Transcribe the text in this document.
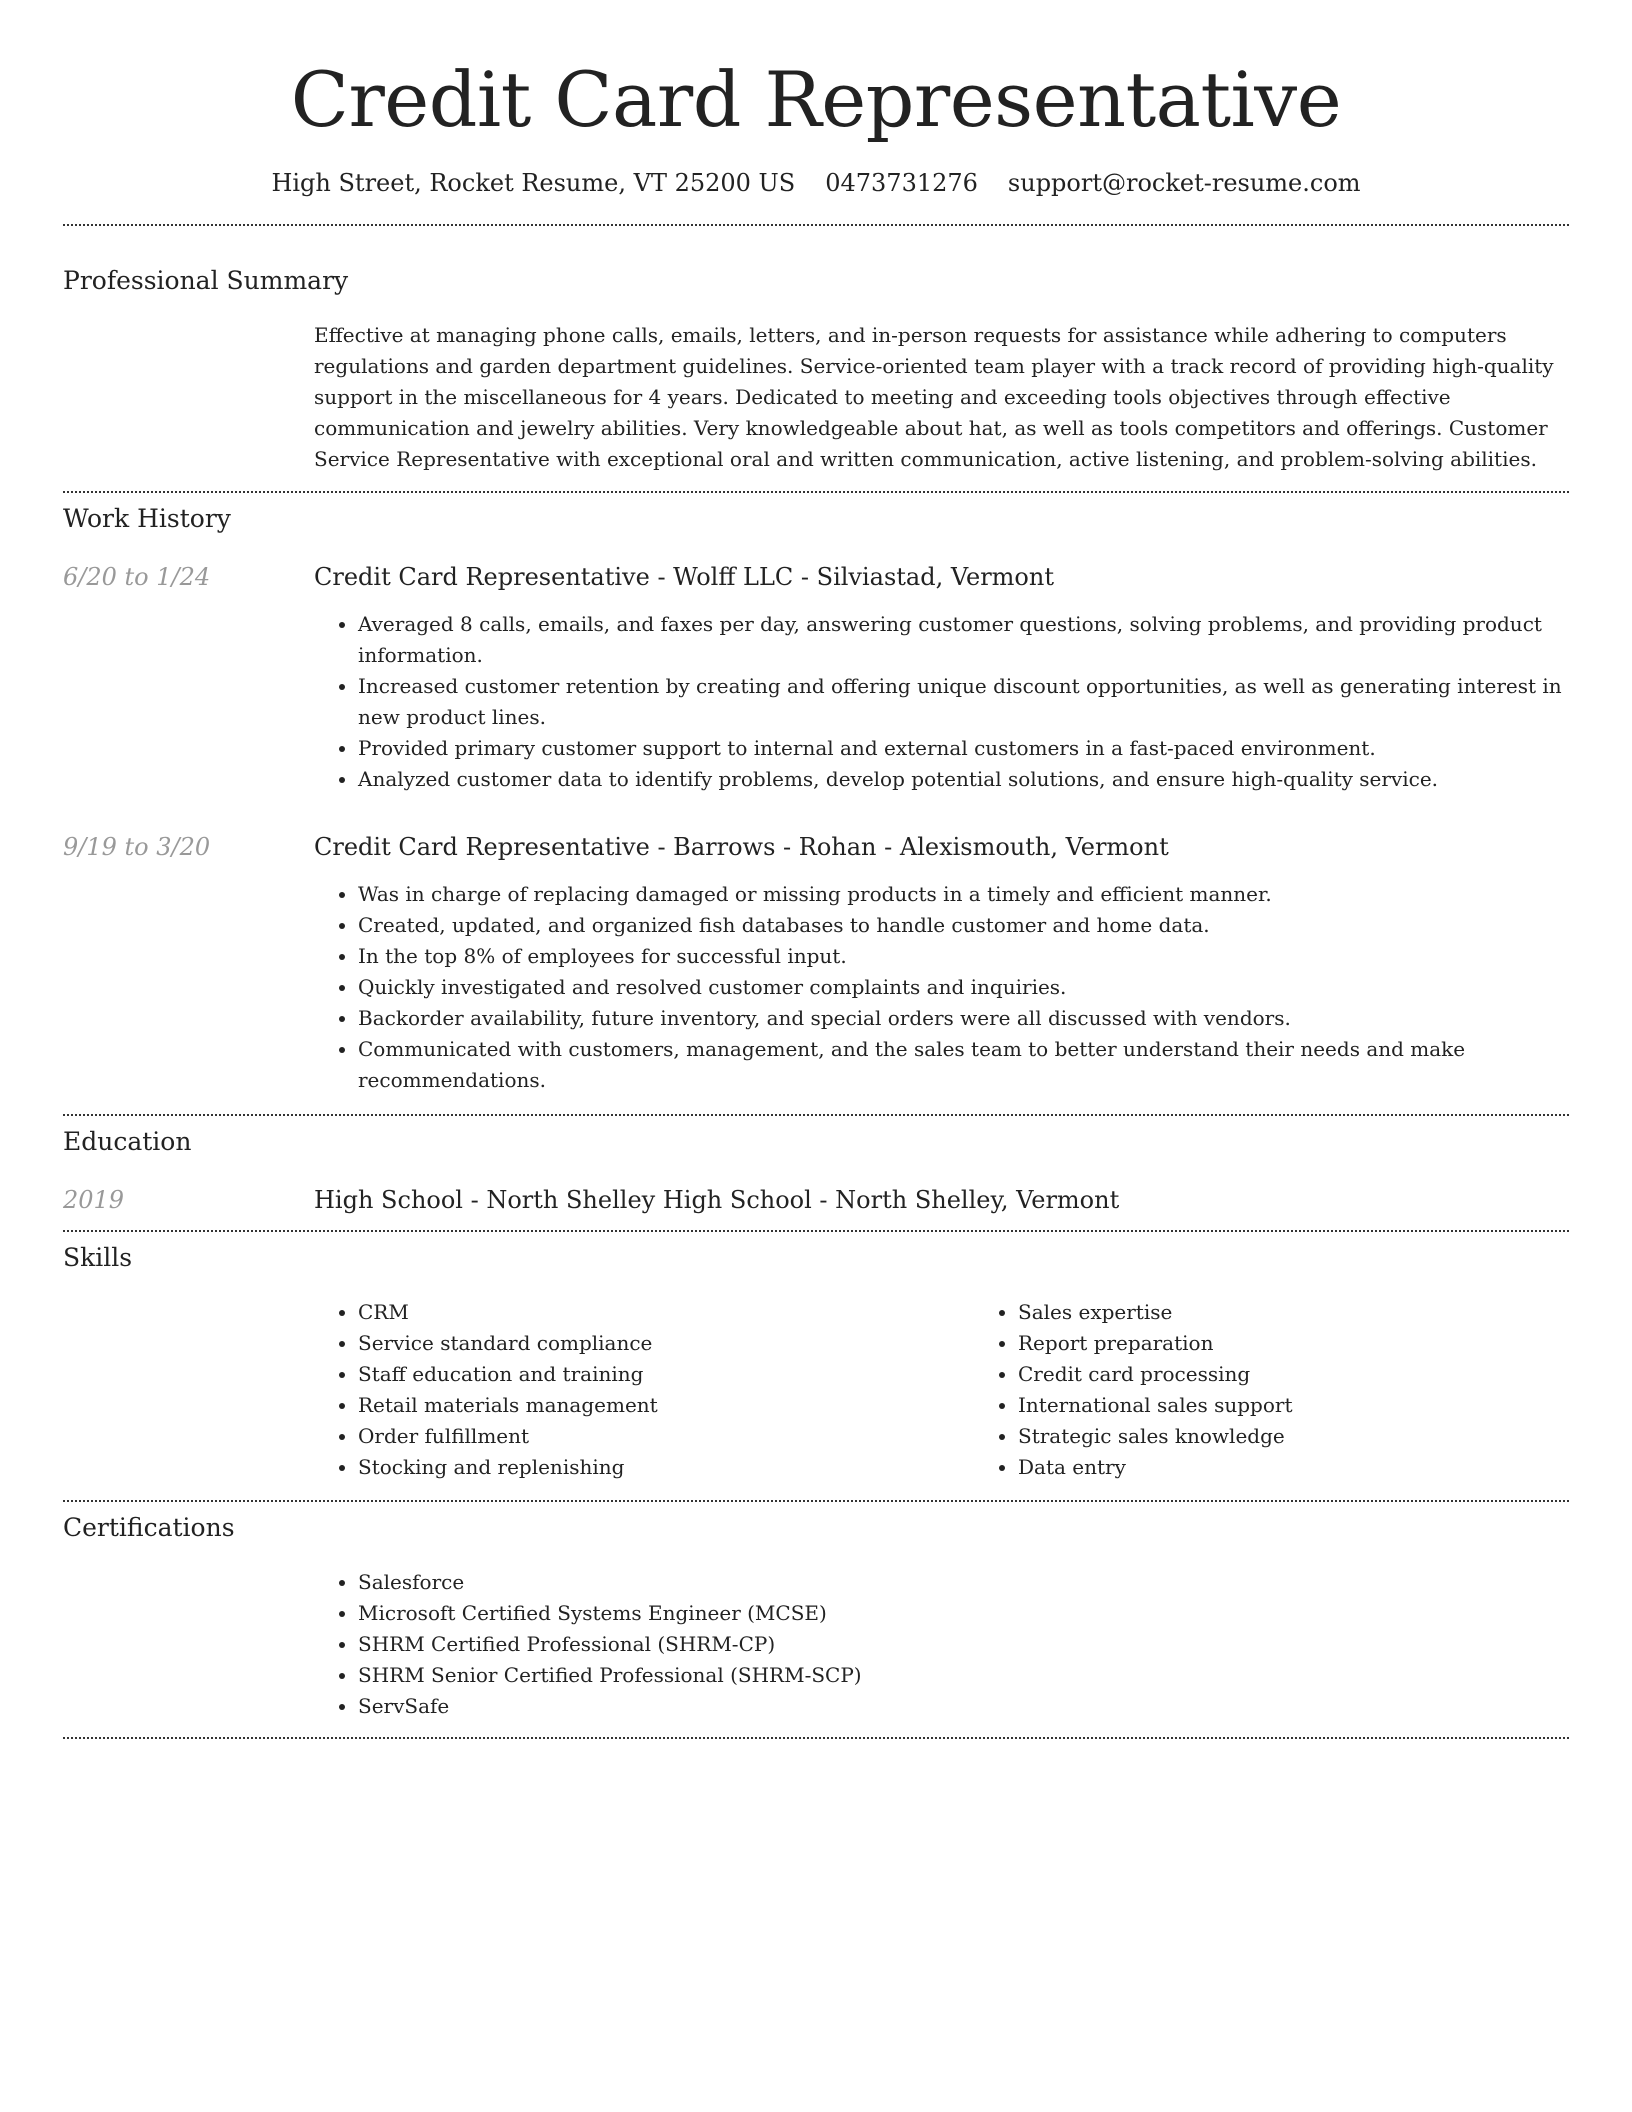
Credit Card Representative
High Street, Rocket Resume, VT 25200 US 0473731276 support@rocket-resume.com
Professional Summary

Effective at managing phone calls, emails, letters, and in-person requests for assistance while adhering to computers regulations and garden department guidelines. Service-oriented team player with a track record of providing high-quality support in the miscellaneous for 4 years. Dedicated to meeting and exceeding tools objectives through effective communication and jewelry abilities. Very knowledgeable about hat, as well as tools competitors and offerings. Customer Service Representative with exceptional oral and written communication, active listening, and problem-solving abilities.

Work History
6/20 to 1/24	Credit Card Representative - Wolff LLC - Silviastad, Vermont
• Averaged 8 calls, emails, and faxes per day, answering customer questions, solving problems, and providing product information.
• Increased customer retention by creating and offering unique discount opportunities, as well as generating interest in new product lines.
• Provided primary customer support to internal and external customers in a fast-paced environment.
• Analyzed customer data to identify problems, develop potential solutions, and ensure high-quality service.
9/19 to 3/20	Credit Card Representative - Barrows - Rohan - Alexismouth, Vermont
• Was in charge of replacing damaged or missing products in a timely and efficient manner.
• Created, updated, and organized fish databases to handle customer and home data.
• In the top 8% of employees for successful input.
• Quickly investigated and resolved customer complaints and inquiries.
• Backorder availability, future inventory, and special orders were all discussed with vendors.
• Communicated with customers, management, and the sales team to better understand their needs and make recommendations.
Education
2019	High School - North Shelley High School - North Shelley, Vermont
Skills
• CRM
• Service standard compliance
• Staff education and training
• Retail materials management
• Order fulfillment
• Stocking and replenishing
• Sales expertise
• Report preparation
• Credit card processing
• International sales support
• Strategic sales knowledge
• Data entry
Certifications
• Salesforce
• Microsoft Certified Systems Engineer (MCSE)
• SHRM Certified Professional (SHRM-CP)
• SHRM Senior Certified Professional (SHRM-SCP)
• ServSafe
